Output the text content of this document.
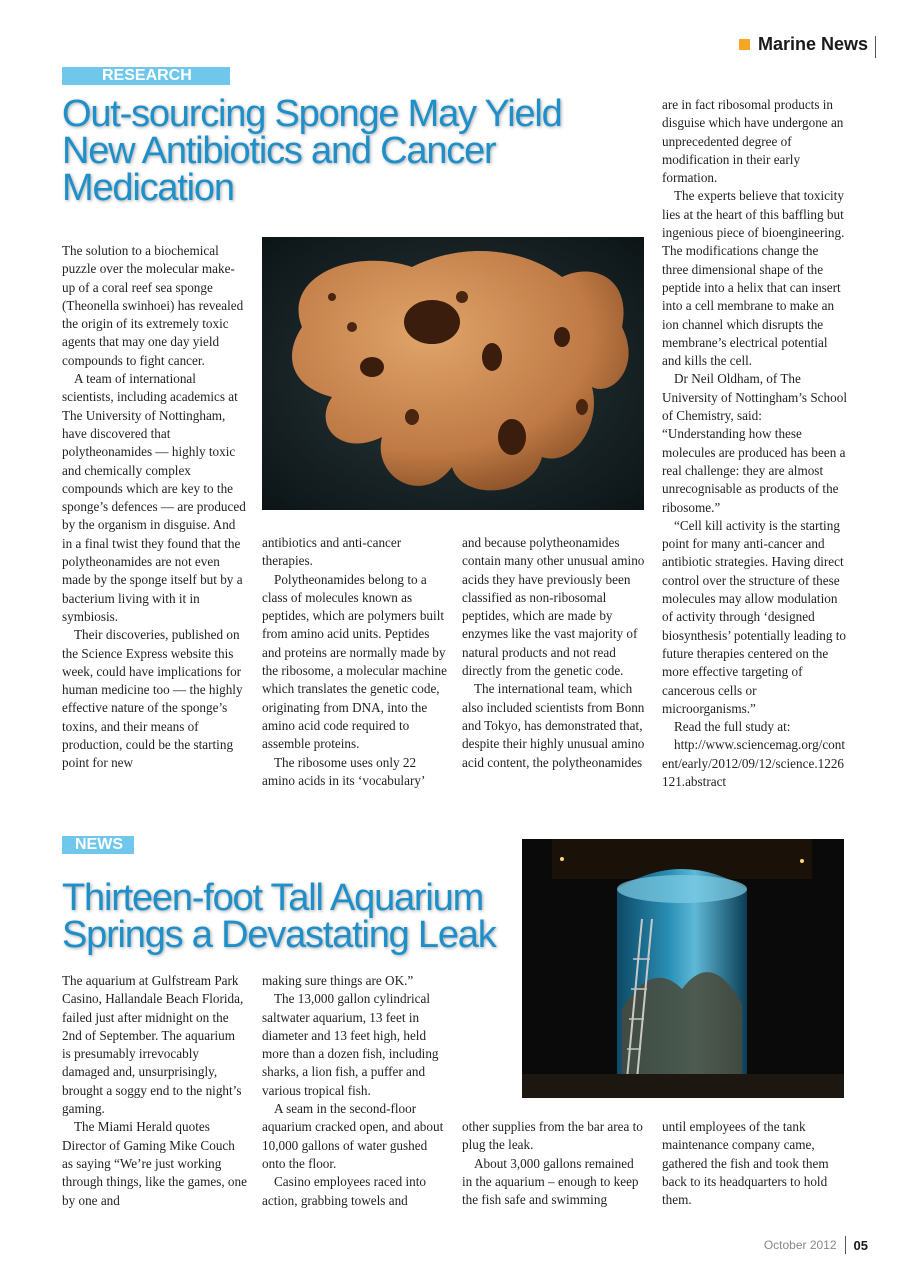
Marine News
RESEARCH
Out-sourcing Sponge May Yield New Antibiotics and Cancer Medication

The solution to a biochemical puzzle over the molecular make-up of a coral reef sea sponge (Theonella swinhoei) has revealed the origin of its extremely toxic agents that may one day yield compounds to fight cancer.

A team of international scientists, including academics at The University of Nottingham, have discovered that polytheonamides — highly toxic and chemically complex compounds which are key to the sponge’s defences — are produced by the organism in disguise. And in a final twist they found that the polytheonamides are not even made by the sponge itself but by a bacterium living with it in symbiosis.

Their discoveries, published on the Science Express website this week, could have implications for human medicine too — the highly effective nature of the sponge’s toxins, and their means of production, could be the starting point for new

antibiotics and anti-cancer therapies.

Polytheonamides belong to a class of molecules known as peptides, which are polymers built from amino acid units. Peptides and proteins are normally made by the ribosome, a molecular machine which translates the genetic code, originating from DNA, into the amino acid code required to assemble proteins.

The ribosome uses only 22 amino acids in its ‘vocabulary’

and because polytheonamides contain many other unusual amino acids they have previously been classified as non-ribosomal peptides, which are made by enzymes like the vast majority of natural products and not read directly from the genetic code.

The international team, which also included scientists from Bonn and Tokyo, has demonstrated that, despite their highly unusual amino acid content, the polytheonamides

are in fact ribosomal products in disguise which have undergone an unprecedented degree of modification in their early formation.

The experts believe that toxicity lies at the heart of this baffling but ingenious piece of bioengineering. The modifications change the three dimensional shape of the peptide into a helix that can insert into a cell membrane to make an ion channel which disrupts the membrane’s electrical potential and kills the cell.

Dr Neil Oldham, of The University of Nottingham’s School of Chemistry, said: “Understanding how these molecules are produced has been a real challenge: they are almost unrecognisable as products of the ribosome.”

“Cell kill activity is the starting point for many anti-cancer and antibiotic strategies. Having direct control over the structure of these molecules may allow modulation of activity through ‘designed biosynthesis’ potentially leading to future therapies centered on the more effective targeting of cancerous cells or microorganisms.”

Read the full study at:

http://www.sciencemag.org/content/early/2012/09/12/science.1226121.abstract

NEWS
Thirteen-foot Tall Aquarium Springs a Devastating Leak

The aquarium at Gulfstream Park Casino, Hallandale Beach Florida, failed just after midnight on the 2nd of September. The aquarium is presumably irrevocably damaged and, unsurprisingly, brought a soggy end to the night’s gaming.

The Miami Herald quotes Director of Gaming Mike Couch as saying “We’re just working through things, like the games, one by one and

making sure things are OK.”

The 13,000 gallon cylindrical saltwater aquarium, 13 feet in diameter and 13 feet high, held more than a dozen fish, including sharks, a lion fish, a puffer and various tropical fish.

A seam in the second-floor aquarium cracked open, and about 10,000 gallons of water gushed onto the floor.

Casino employees raced into action, grabbing towels and

other supplies from the bar area to plug the leak.

About 3,000 gallons remained in the aquarium – enough to keep the fish safe and swimming

until employees of the tank maintenance company came, gathered the fish and took them back to its headquarters to hold them.

October 2012 05
